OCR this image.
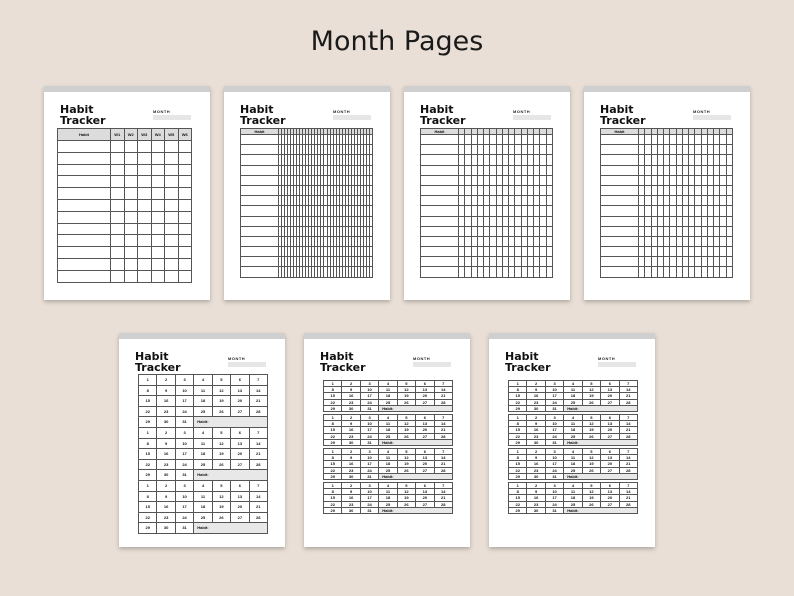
Month Pages
Habit
Tracker
MONTH
Habit	W1	W2	W3	W4	W5	W6

Habit
Tracker
MONTH
Habit																															

Habit
Tracker
MONTH
Habit															

Habit
Tracker
MONTH
Habit															

Habit
Tracker
MONTH
1	2	3	4	5	6	7
8	9	10	11	12	13	14
15	16	17	18	19	20	21
22	23	24	25	26	27	28
29	30	31	Habit:			
1	2	3	4	5	6	7
8	9	10	11	12	13	14
15	16	17	18	19	20	21
22	23	24	25	26	27	28
29	30	31	Habit:			
1	2	3	4	5	6	7
8	9	10	11	12	13	14
15	16	17	18	19	20	21
22	23	24	25	26	27	28
29	30	31	Habit:			
Habit
Tracker
MONTH
1	2	3	4	5	6	7
8	9	10	11	12	13	14
15	16	17	18	19	20	21
22	23	24	25	26	27	28
29	30	31	Habit:			
1	2	3	4	5	6	7
8	9	10	11	12	13	14
15	16	17	18	19	20	21
22	23	24	25	26	27	28
29	30	31	Habit:			
1	2	3	4	5	6	7
8	9	10	11	12	13	14
15	16	17	18	19	20	21
22	23	24	25	26	27	28
29	30	31	Habit:			
1	2	3	4	5	6	7
8	9	10	11	12	13	14
15	16	17	18	19	20	21
22	23	24	25	26	27	28
29	30	31	Habit:			
Habit
Tracker
MONTH
1	2	3	4	5	6	7
8	9	10	11	12	13	14
15	16	17	18	19	20	21
22	23	24	25	26	27	28
29	30	31	Habit:			
1	2	3	4	5	6	7
8	9	10	11	12	13	14
15	16	17	18	19	20	21
22	23	24	25	26	27	28
29	30	31	Habit:			
1	2	3	4	5	6	7
8	9	10	11	12	13	14
15	16	17	18	19	20	21
22	23	24	25	26	27	28
29	30	31	Habit:			
1	2	3	4	5	6	7
8	9	10	11	12	13	14
15	16	17	18	19	20	21
22	23	24	25	26	27	28
29	30	31	Habit:			
